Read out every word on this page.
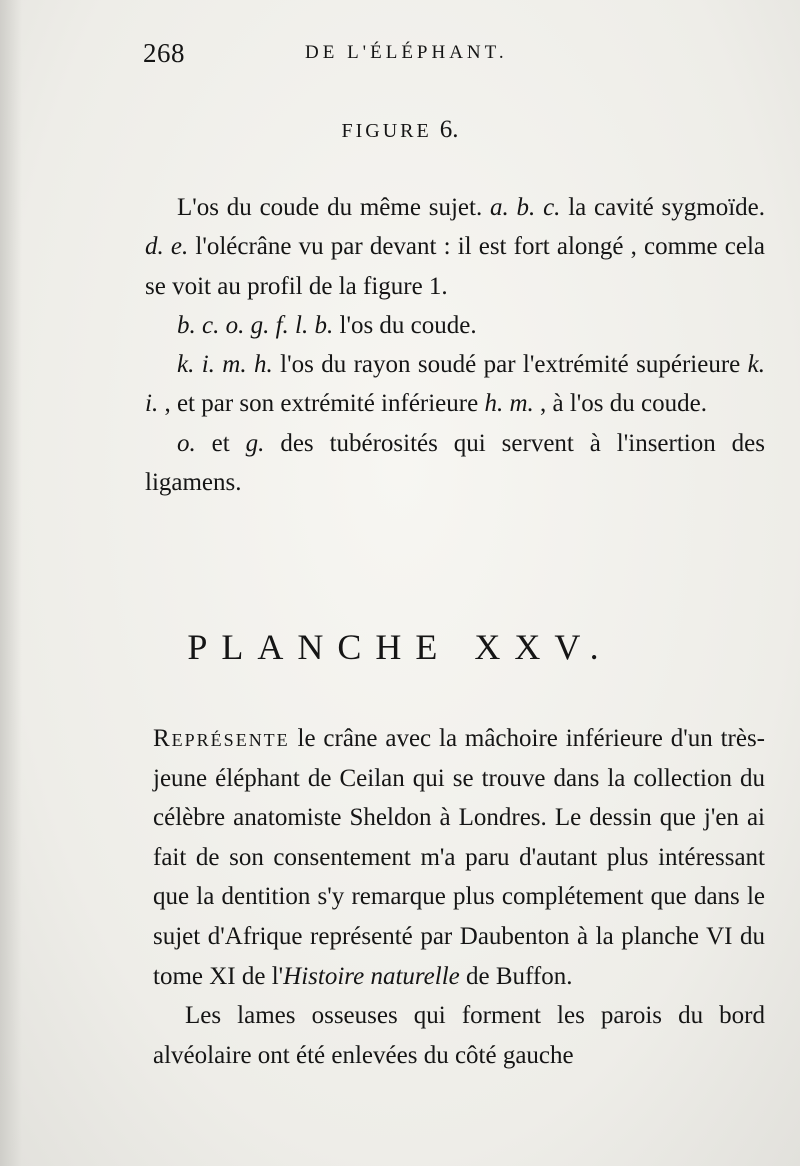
268	DE L'ÉLÉPHANT.
FIGURE 6.

L'os du coude du même sujet. a. b. c. la cavité sygmoïde. d. e. l'olécrâne vu par devant : il est fort alongé , comme cela se voit au profil de la figure 1.

b. c. o. g. f. l. b. l'os du coude.

k. i. m. h. l'os du rayon soudé par l'extrémité supérieure k. i. , et par son extrémité inférieure h. m. , à l'os du coude.

o. et g. des tubérosités qui servent à l'insertion des ligamens.

PLANCHE XXV.

Représente le crâne avec la mâchoire inférieure d'un très-jeune éléphant de Ceilan qui se trouve dans la collection du célèbre anatomiste Sheldon à Londres. Le dessin que j'en ai fait de son consentement m'a paru d'autant plus intéressant que la dentition s'y remarque plus complétement que dans le sujet d'Afrique représenté par Daubenton à la planche VI du tome XI de l'Histoire naturelle de Buffon.

Les lames osseuses qui forment les parois du bord alvéolaire ont été enlevées du côté gauche
